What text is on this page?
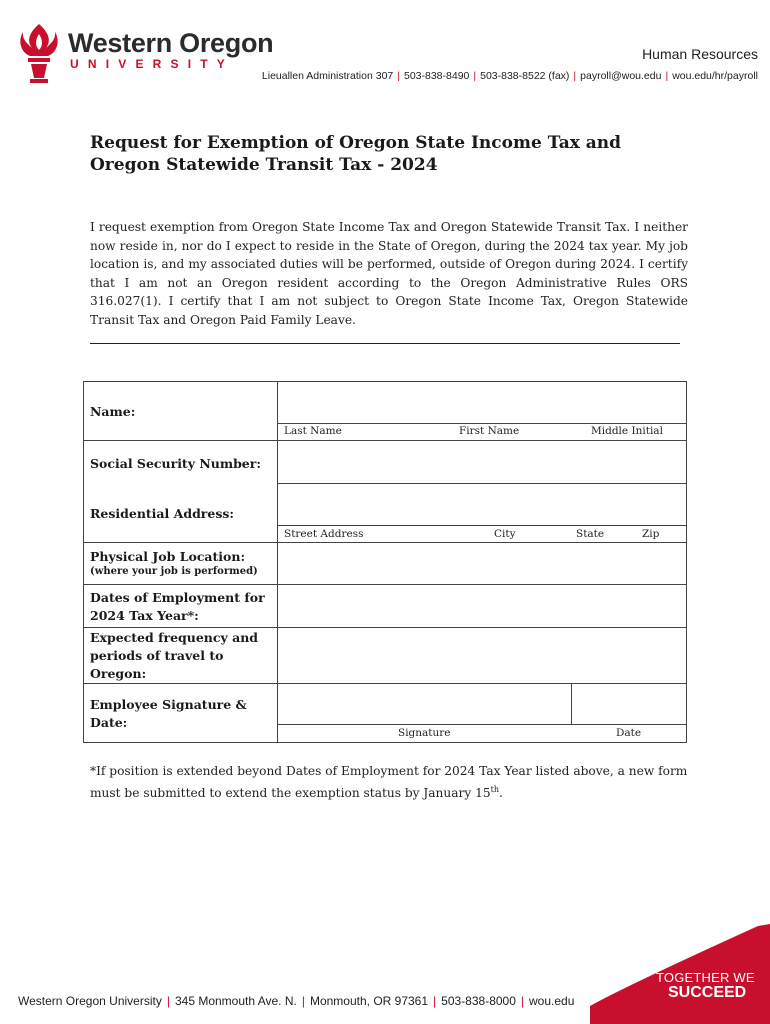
Western Oregon
UNIVERSITY
Human Resources
Lieuallen Administration 307 | 503-838-8490 | 503-838-8522 (fax) | payroll@wou.edu | wou.edu/hr/payroll
Request for Exemption of Oregon State Income Tax and Oregon Statewide Transit Tax - 2024
I request exemption from Oregon State Income Tax and Oregon Statewide Transit Tax. I neither now reside in, nor do I expect to reside in the State of Oregon, during the 2024 tax year. My job location is, and my associated duties will be performed, outside of Oregon during 2024. I certify that I am not an Oregon resident according to the Oregon Administrative Rules ORS 316.027(1). I certify that I am not subject to Oregon State Income Tax, Oregon Statewide Transit Tax and Oregon Paid Family Leave.
Name:
Last Name	First Name	Middle Initial
Social Security Number:
Residential Address:
Street Address	City	State	Zip
Physical Job Location:
(where your job is performed)
Dates of Employment for 2024 Tax Year*:
Expected frequency and periods of travel to Oregon:
Employee Signature & Date:
Signature	Date
*If position is extended beyond Dates of Employment for 2024 Tax Year listed above, a new form must be submitted to extend the exemption status by January 15th.
Western Oregon University | 345 Monmouth Ave. N. | Monmouth, OR 97361 | 503-838-8000 | wou.edu
TOGETHER WE
SUCCEED
